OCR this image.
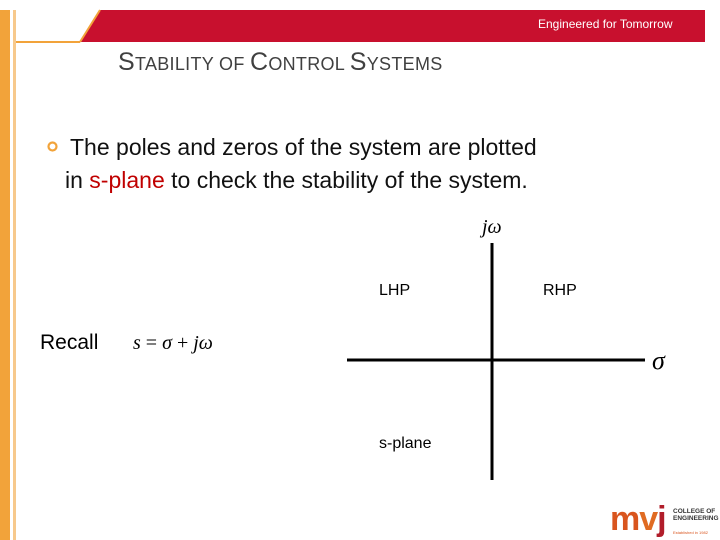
Engineered for Tomorrow
STABILITY OF CONTROL SYSTEMS
The poles and zeros of the system are plotted
in s-plane to check the stability of the system.
Recall s = σ + jω
jω
σ
LHP	RHP
s-plane
mvj COLLEGE OF
ENGINEERING
Established in 1982
